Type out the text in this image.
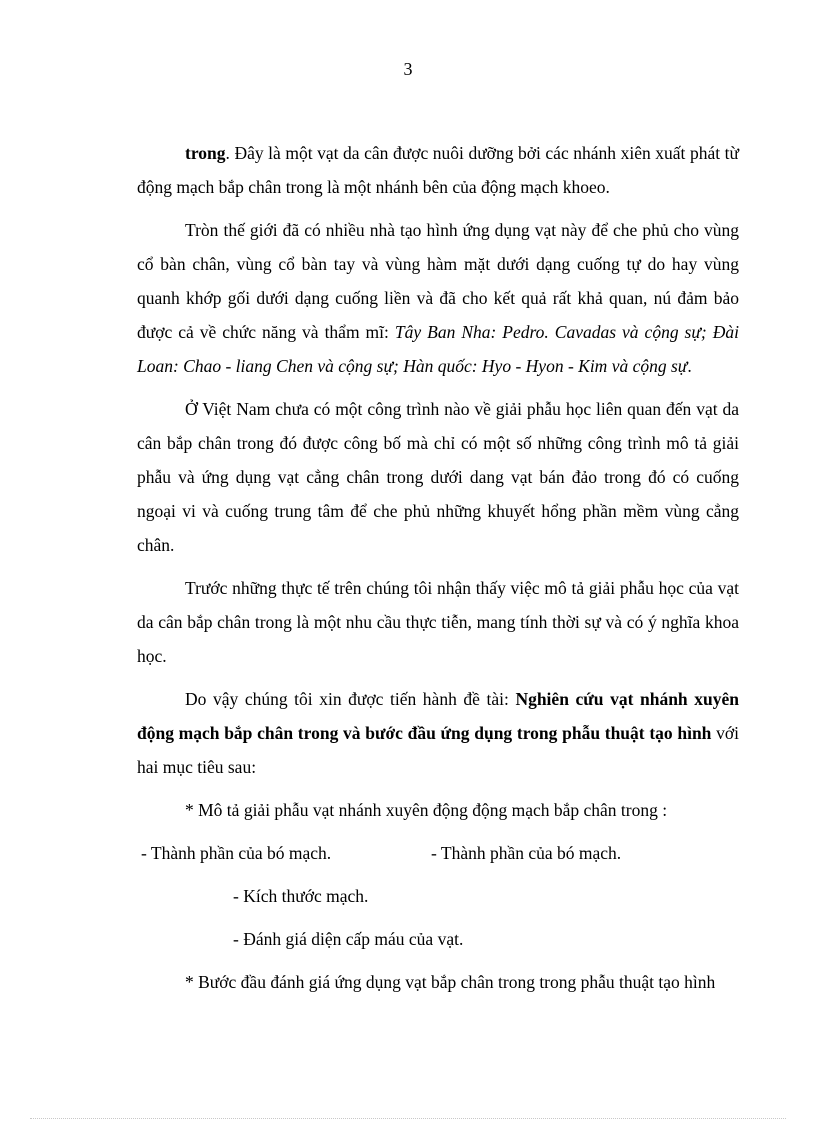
3

trong. Đây là một vạt da cân được nuôi dưỡng bởi các nhánh xiên xuất phát từ động mạch bắp chân trong là một nhánh bên của động mạch khoeo.

Tròn thế giới đã có nhiều nhà tạo hình ứng dụng vạt này để che phủ cho vùng cổ bàn chân, vùng cổ bàn tay và vùng hàm mặt dưới dạng cuống tự do hay vùng quanh khớp gối dưới dạng cuống liền và đã cho kết quả rất khả quan, nú đảm bảo được cả về chức năng và thẩm mĩ: Tây Ban Nha: Pedro. Cavadas và cộng sự; Đài Loan: Chao - liang Chen và cộng sự; Hàn quốc: Hyo - Hyon - Kim và cộng sự.

Ở Việt Nam chưa có một công trình nào về giải phẫu học liên quan đến vạt da cân bắp chân trong đó được công bố mà chỉ có một số những công trình mô tả giải phẫu và ứng dụng vạt cẳng chân trong dưới dang vạt bán đảo trong đó có cuống ngoại vi và cuống trung tâm để che phủ những khuyết hổng phần mềm vùng cẳng chân.

Trước những thực tế trên chúng tôi nhận thấy việc mô tả giải phẫu học của vạt da cân bắp chân trong là một nhu cầu thực tiễn, mang tính thời sự và có ý nghĩa khoa học.

Do vậy chúng tôi xin được tiến hành đề tài: Nghiên cứu vạt nhánh xuyên động mạch bắp chân trong và bước đầu ứng dụng trong phẫu thuật tạo hình với hai mục tiêu sau:

* Mô tả giải phẫu vạt nhánh xuyên động động mạch bắp chân trong :
- Thành phần của bó mạch.	- Thành phần của bó mạch.
- Kích thước mạch.
- Đánh giá diện cấp máu của vạt.

* Bước đầu đánh giá ứng dụng vạt bắp chân trong trong phẫu thuật tạo hình
